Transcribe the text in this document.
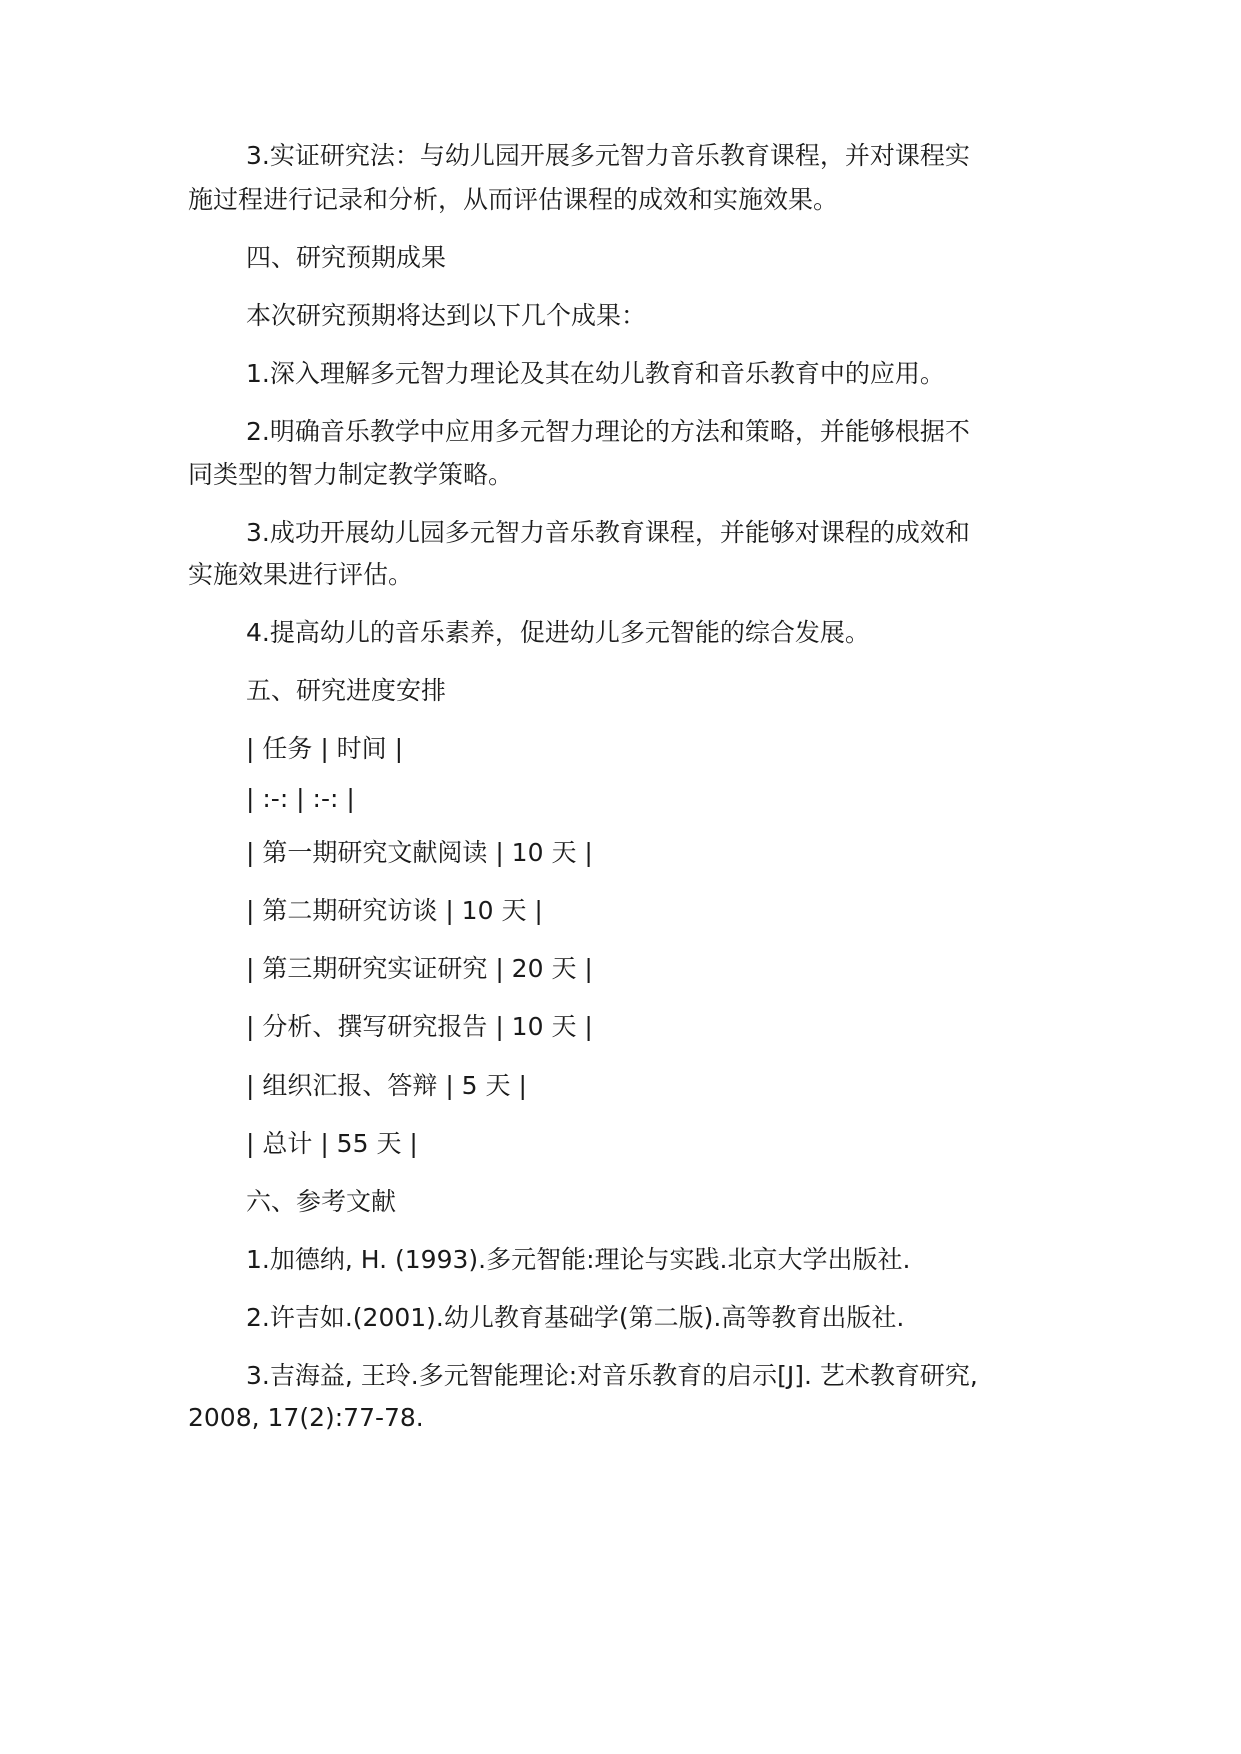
3.实证研究法：与幼儿园开展多元智力音乐教育课程，并对课程实

施过程进行记录和分析，从而评估课程的成效和实施效果。

四、研究预期成果

本次研究预期将达到以下几个成果：

1.深入理解多元智力理论及其在幼儿教育和音乐教育中的应用。

2.明确音乐教学中应用多元智力理论的方法和策略，并能够根据不

同类型的智力制定教学策略。

3.成功开展幼儿园多元智力音乐教育课程，并能够对课程的成效和

实施效果进行评估。

4.提高幼儿的音乐素养，促进幼儿多元智能的综合发展。

五、研究进度安排

| 任务 | 时间 |

| :-: | :-: |

| 第一期研究文献阅读 | 10 天 |

| 第二期研究访谈 | 10 天 |

| 第三期研究实证研究 | 20 天 |

| 分析、撰写研究报告 | 10 天 |

| 组织汇报、答辩 | 5 天 |

| 总计 | 55 天 |

六、参考文献

1.加德纳, H. (1993).多元智能:理论与实践.北京大学出版社.

2.许吉如.(2001).幼儿教育基础学(第二版).高等教育出版社.

3.吉海益, 王玲.多元智能理论:对音乐教育的启示[J]. 艺术教育研究,

2008, 17(2):77-78.
